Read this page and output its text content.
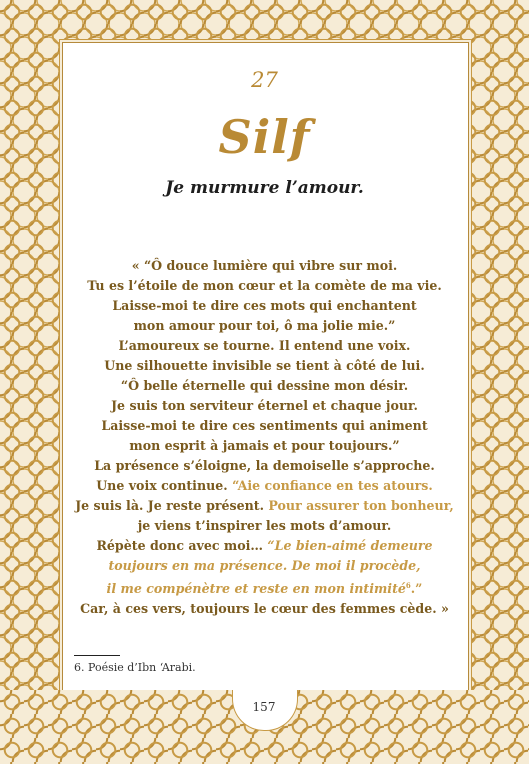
27
Silf
Je murmure l’amour.
« “Ô douce lumière qui vibre sur moi.
Tu es l’étoile de mon cœur et la comète de ma vie.
Laisse-moi te dire ces mots qui enchantent
mon amour pour toi, ô ma jolie mie.”
L’amoureux se tourne. Il entend une voix.
Une silhouette invisible se tient à côté de lui.
“Ô belle éternelle qui dessine mon désir.
Je suis ton serviteur éternel et chaque jour.
Laisse-moi te dire ces sentiments qui animent
mon esprit à jamais et pour toujours.”
La présence s’éloigne, la demoiselle s’approche.
Une voix continue. “Aie confiance en tes atours.
Je suis là. Je reste présent. Pour assurer ton bonheur,
je viens t’inspirer les mots d’amour.
Répète donc avec moi… “Le bien-aimé demeure
toujours en ma présence. De moi il procède,
il me compénètre et reste en mon intimité$^6$.”
Car, à ces vers, toujours le cœur des femmes cède. »
6. Poésie d’Ibn ‘Arabi.
157
